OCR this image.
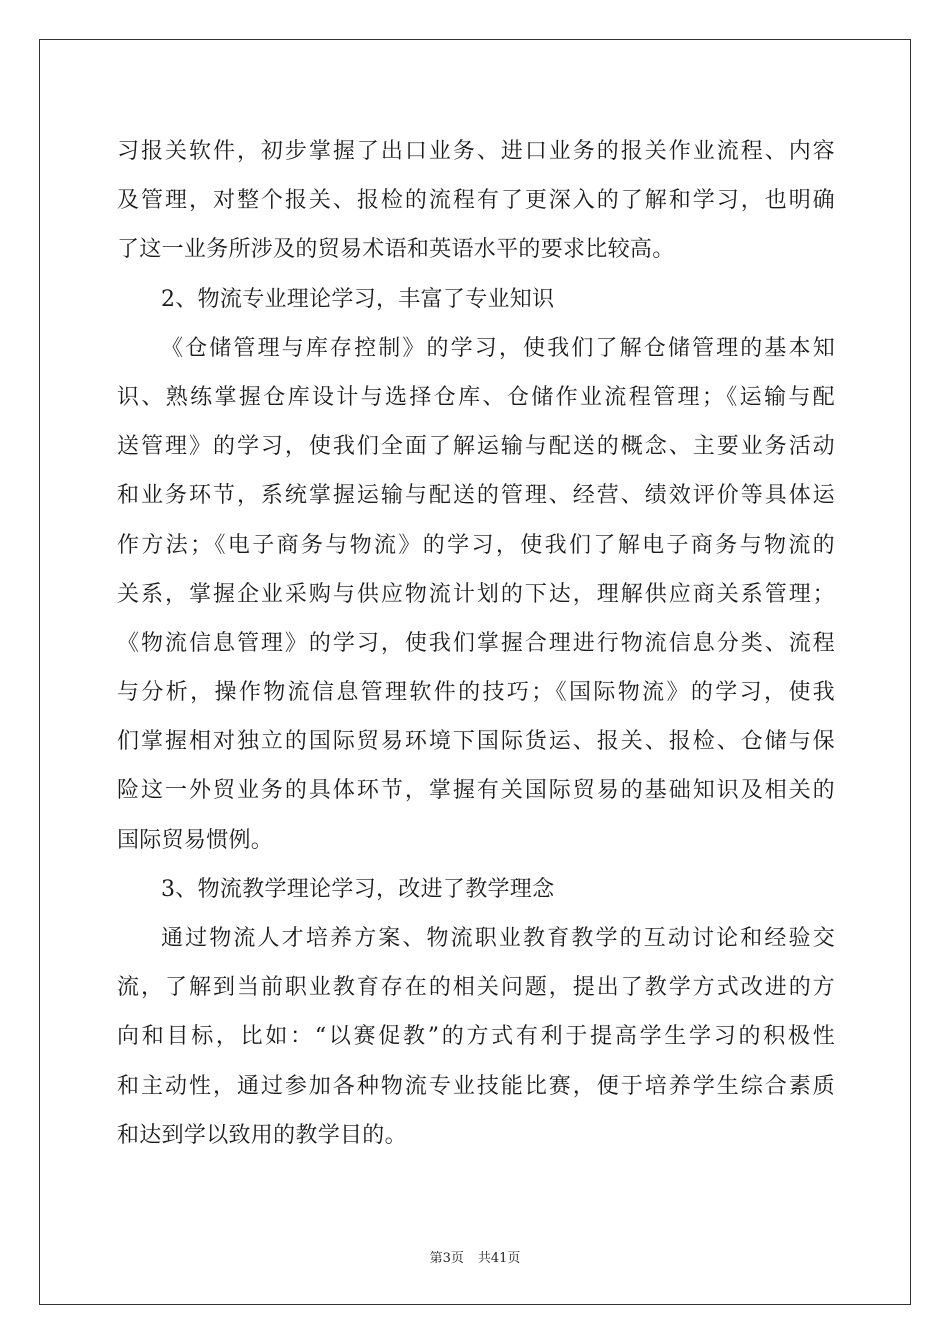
习报关软件，初步掌握了出口业务、进口业务的报关作业流程、内容
及管理，对整个报关、报检的流程有了更深入的了解和学习，也明确
了这一业务所涉及的贸易术语和英语水平的要求比较高。
2、物流专业理论学习，丰富了专业知识
《仓储管理与库存控制》的学习，使我们了解仓储管理的基本知
识、熟练掌握仓库设计与选择仓库、仓储作业流程管理；《运输与配
送管理》的学习，使我们全面了解运输与配送的概念、主要业务活动
和业务环节，系统掌握运输与配送的管理、经营、绩效评价等具体运
作方法；《电子商务与物流》的学习，使我们了解电子商务与物流的
关系，掌握企业采购与供应物流计划的下达，理解供应商关系管理；
《物流信息管理》的学习，使我们掌握合理进行物流信息分类、流程
与分析，操作物流信息管理软件的技巧；《国际物流》的学习，使我
们掌握相对独立的国际贸易环境下国际货运、报关、报检、仓储与保
险这一外贸业务的具体环节，掌握有关国际贸易的基础知识及相关的
国际贸易惯例。
3、物流教学理论学习，改进了教学理念
通过物流人才培养方案、物流职业教育教学的互动讨论和经验交
流，了解到当前职业教育存在的相关问题，提出了教学方式改进的方
向和目标，比如：“以赛促教”的方式有利于提高学生学习的积极性
和主动性，通过参加各种物流专业技能比赛，便于培养学生综合素质
和达到学以致用的教学目的。
第3页 共41页
